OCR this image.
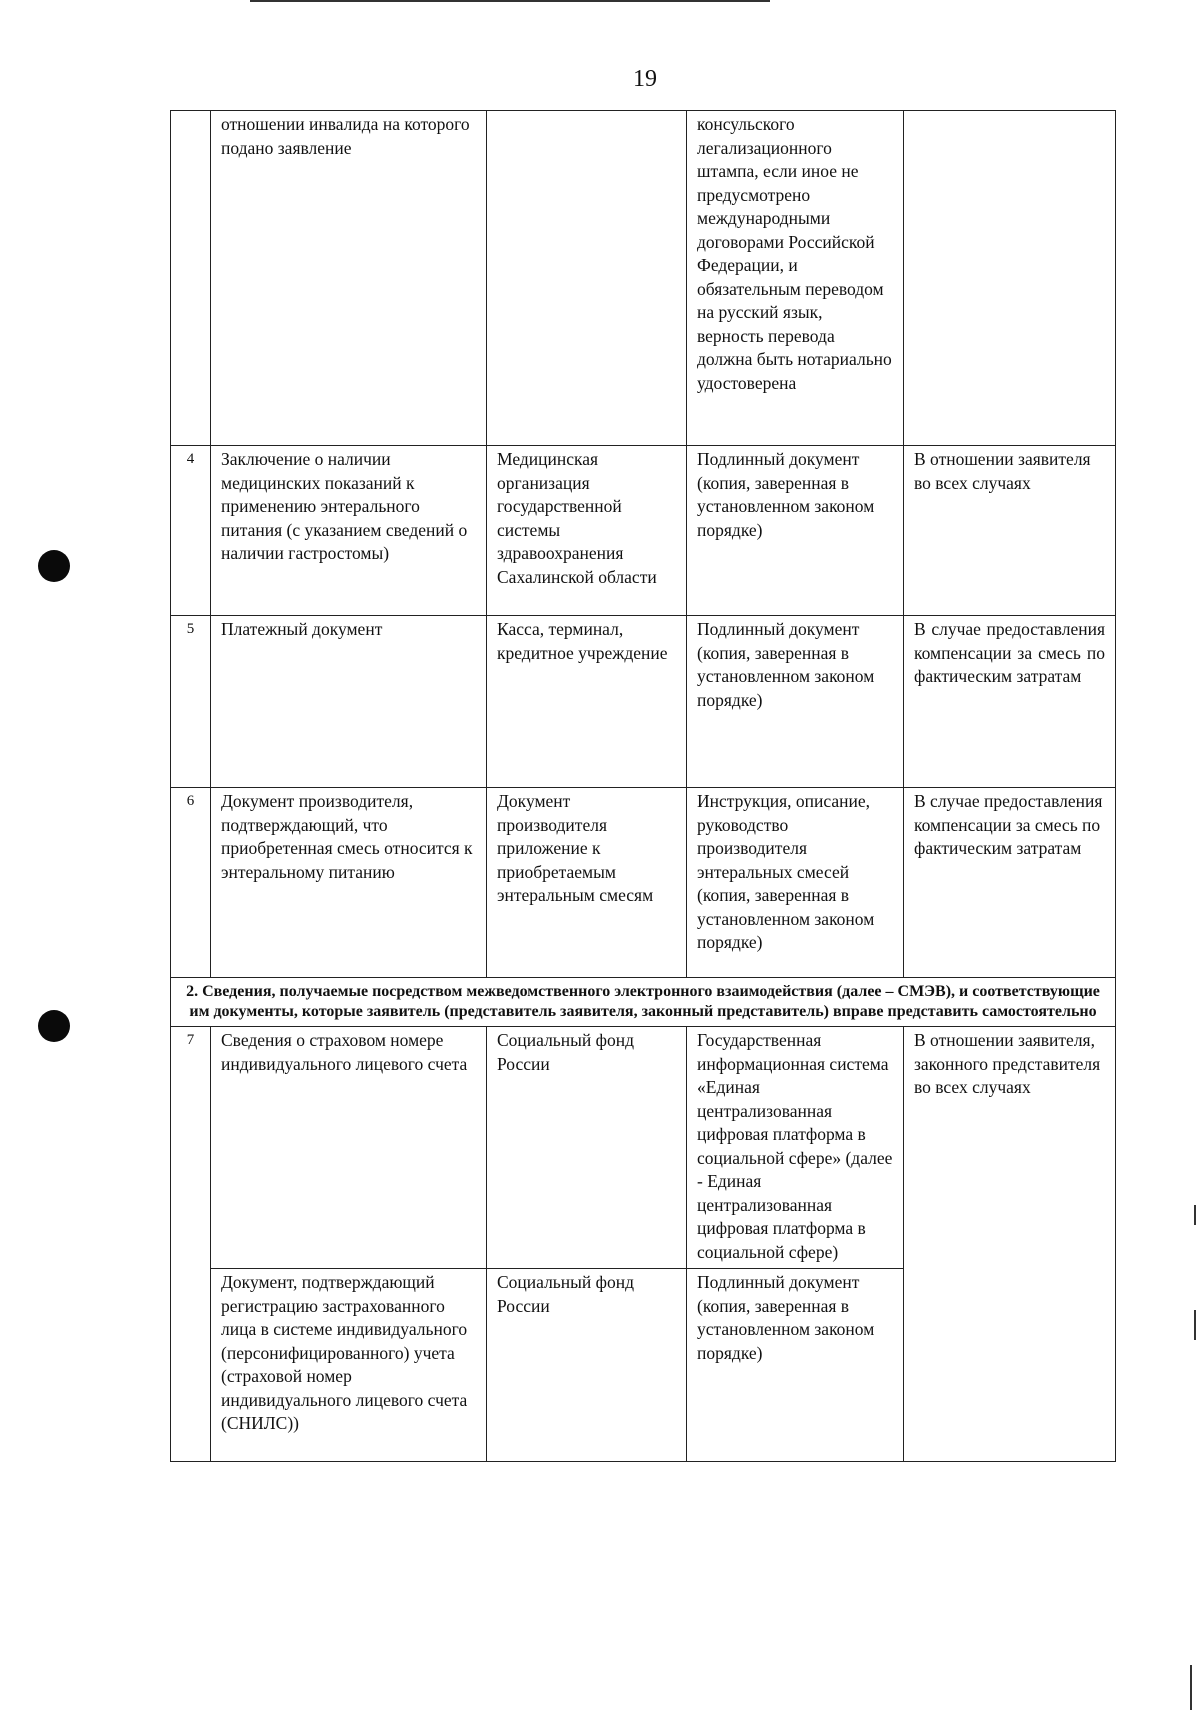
19
	отношении инвалида на которого подано заявление		консульского легализационного штампа, если иное не предусмотрено международными договорами Российской Федерации, и обязательным переводом на русский язык, верность перевода должна быть нотариально удостоверена	
4	Заключение о наличии медицинских показаний к применению энтерального питания (с указанием сведений о наличии гастростомы)	Медицинская организация государственной системы здравоохранения Сахалинской области	Подлинный документ (копия, заверенная в установленном законом порядке)	В отношении заявителя во всех случаях
5	Платежный документ	Касса, терминал, кредитное учреждение	Подлинный документ (копия, заверенная в установленном законом порядке)	В случае предоставления компенсации за смесь по фактическим затратам
6	Документ производителя, подтверждающий, что приобретенная смесь относится к энтеральному питанию	Документ производителя приложение к приобретаемым энтеральным смесям	Инструкция, описание, руководство производителя энтеральных смесей (копия, заверенная в установленном законом порядке)	В случае предоставления компенсации за смесь по фактическим затратам
2. Сведения, получаемые посредством межведомственного электронного взаимодействия (далее – СМЭВ), и соответствующие им документы, которые заявитель (представитель заявителя, законный представитель) вправе представить самостоятельно				
7	Сведения о страховом номере индивидуального лицевого счета	Социальный фонд России	Государственная информационная система «Единая централизованная цифровая платформа в социальной сфере» (далее - Единая централизованная цифровая платформа в социальной сфере)	В отношении заявителя, законного представителя во всех случаях
	Документ, подтверждающий регистрацию застрахованного лица в системе индивидуального (персонифицированного) учета (страховой номер индивидуального лицевого счета (СНИЛС))	Социальный фонд России	Подлинный документ (копия, заверенная в установленном законом порядке)	
